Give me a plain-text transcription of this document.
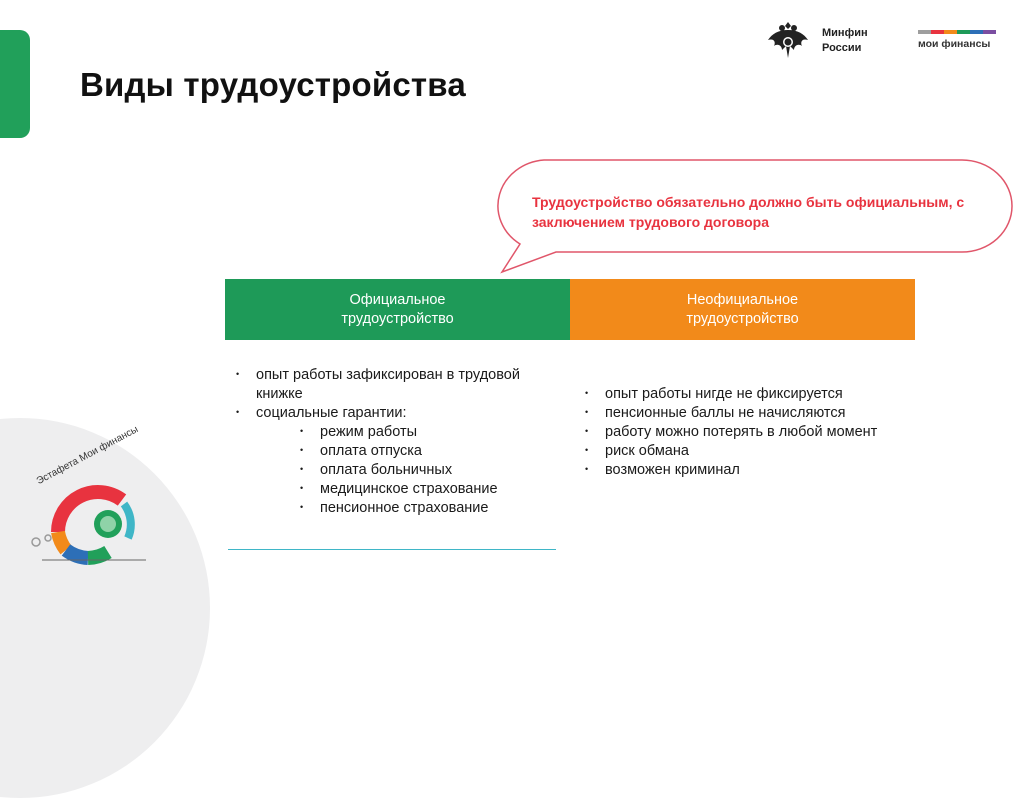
Виды трудоустройства
Минфин
России	мои финансы
Трудоустройство обязательно должно быть официальным, с заключением трудового договора
Официальное трудоустройство
Неофициальное трудоустройство
• опыт работы зафиксирован в трудовой книжке
• социальные гарантии:
• режим работы
• оплата отпуска
• оплата больничных
• медицинское страхование
• пенсионное страхование
• опыт работы нигде не фиксируется
• пенсионные баллы не начисляются
• работу можно потерять в любой момент
• риск обмана
• возможен криминал
Эстафета Мои финансы
